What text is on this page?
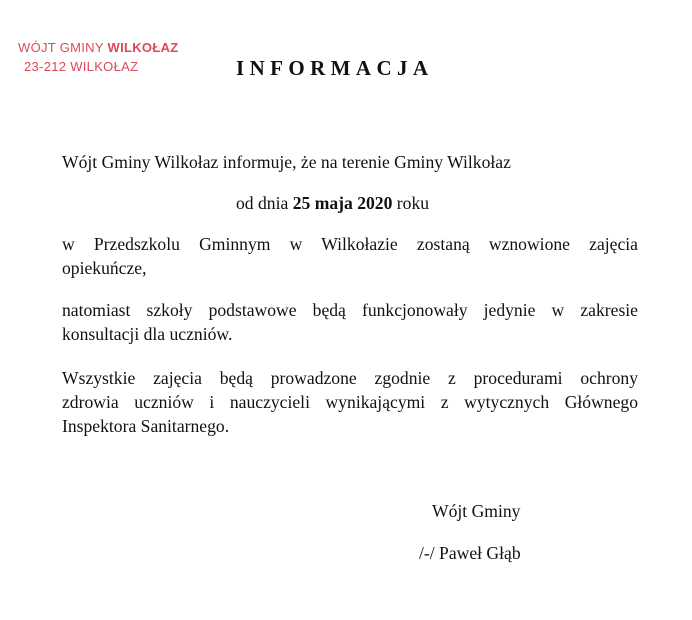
WÓJT GMINY WILKOŁAZ
23-212 WILKOŁAZ	INFORMACJA
Wójt Gminy Wilkołaz informuje, że na terenie Gminy Wilkołaz
od dnia 25 maja 2020 roku
w Przedszkolu Gminnym w Wilkołazie zostaną wznowione zajęcia
opiekuńcze,
natomiast szkoły podstawowe będą funkcjonowały jedynie w zakresie
konsultacji dla uczniów.
Wszystkie zajęcia będą prowadzone zgodnie z procedurami ochrony
zdrowia uczniów i nauczycieli wynikającymi z wytycznych Głównego
Inspektora Sanitarnego.
Wójt Gminy
/-/ Paweł Głąb
